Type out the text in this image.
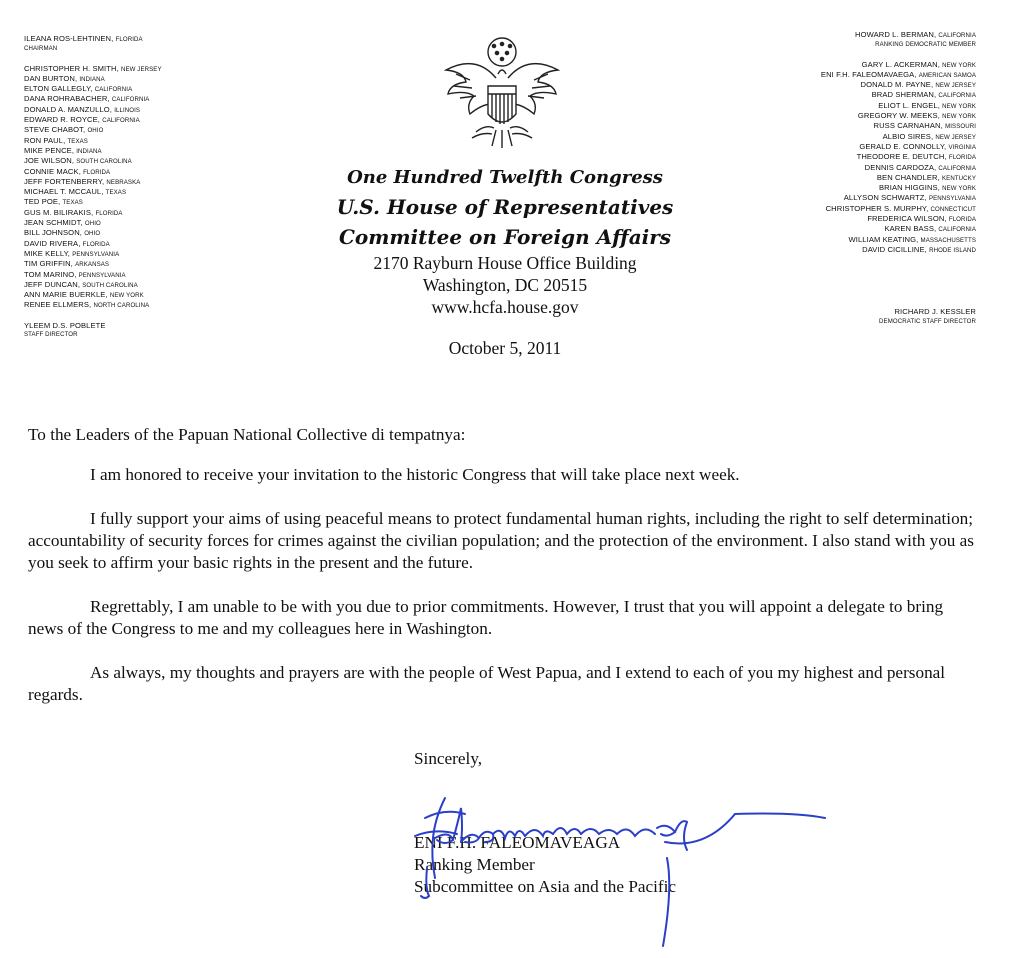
ILEANA ROS-LEHTINEN, FLORIDA
CHAIRMAN
CHRISTOPHER H. SMITH, NEW JERSEY
DAN BURTON, INDIANA
ELTON GALLEGLY, CALIFORNIA
DANA ROHRABACHER, CALIFORNIA
DONALD A. MANZULLO, ILLINOIS
EDWARD R. ROYCE, CALIFORNIA
STEVE CHABOT, OHIO
RON PAUL, TEXAS
MIKE PENCE, INDIANA
JOE WILSON, SOUTH CAROLINA
CONNIE MACK, FLORIDA
JEFF FORTENBERRY, NEBRASKA
MICHAEL T. MCCAUL, TEXAS
TED POE, TEXAS
GUS M. BILIRAKIS, FLORIDA
JEAN SCHMIDT, OHIO
BILL JOHNSON, OHIO
DAVID RIVERA, FLORIDA
MIKE KELLY, PENNSYLVANIA
TIM GRIFFIN, ARKANSAS
TOM MARINO, PENNSYLVANIA
JEFF DUNCAN, SOUTH CAROLINA
ANN MARIE BUERKLE, NEW YORK
RENEE ELLMERS, NORTH CAROLINA
YLEEM D.S. POBLETE
STAFF DIRECTOR
One Hundred Twelfth Congress
U.S. House of Representatives
Committee on Foreign Affairs
2170 Rayburn House Office Building
Washington, DC 20515
www.hcfa.house.gov
HOWARD L. BERMAN, CALIFORNIA
RANKING DEMOCRATIC MEMBER
GARY L. ACKERMAN, NEW YORK
ENI F.H. FALEOMAVAEGA, AMERICAN SAMOA
DONALD M. PAYNE, NEW JERSEY
BRAD SHERMAN, CALIFORNIA
ELIOT L. ENGEL, NEW YORK
GREGORY W. MEEKS, NEW YORK
RUSS CARNAHAN, MISSOURI
ALBIO SIRES, NEW JERSEY
GERALD E. CONNOLLY, VIRGINIA
THEODORE E. DEUTCH, FLORIDA
DENNIS CARDOZA, CALIFORNIA
BEN CHANDLER, KENTUCKY
BRIAN HIGGINS, NEW YORK
ALLYSON SCHWARTZ, PENNSYLVANIA
CHRISTOPHER S. MURPHY, CONNECTICUT
FREDERICA WILSON, FLORIDA
KAREN BASS, CALIFORNIA
WILLIAM KEATING, MASSACHUSETTS
DAVID CICILLINE, RHODE ISLAND
RICHARD J. KESSLER
DEMOCRATIC STAFF DIRECTOR
October 5, 2011

To the Leaders of the Papuan National Collective di tempatnya:

I am honored to receive your invitation to the historic Congress that will take place next week.

I fully support your aims of using peaceful means to protect fundamental human rights, including the right to self determination; accountability of security forces for crimes against the civilian population; and the protection of the environment. I also stand with you as you seek to affirm your basic rights in the present and the future.

Regrettably, I am unable to be with you due to prior commitments. However, I trust that you will appoint a delegate to bring news of the Congress to me and my colleagues here in Washington.

As always, my thoughts and prayers are with the people of West Papua, and I extend to each of you my highest and personal regards.

Sincerely,
ENI F.H. FALEOMAVEAGA
Ranking Member
Subcommittee on Asia and the Pacific
